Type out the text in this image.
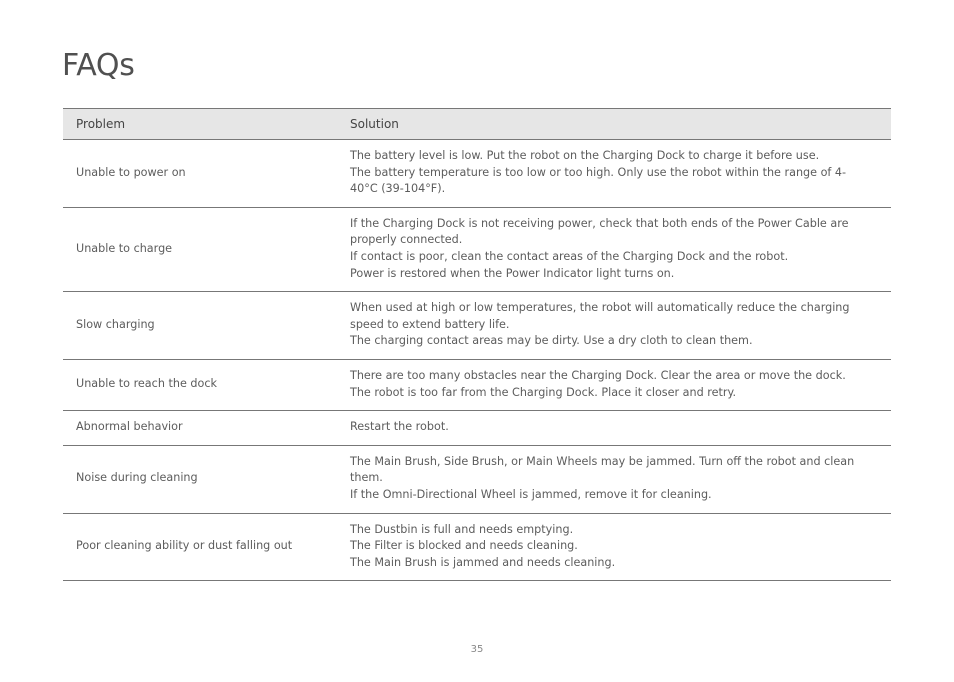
FAQs
Problem	Solution
Unable to power on	The battery level is low. Put the robot on the Charging Dock to charge it before use.
The battery temperature is too low or too high. Only use the robot within the range of 4-40°C (39-104°F).

Unable to charge	If the Charging Dock is not receiving power, check that both ends of the Power Cable are properly connected.
If contact is poor, clean the contact areas of the Charging Dock and the robot.
Power is restored when the Power Indicator light turns on.

Slow charging	When used at high or low temperatures, the robot will automatically reduce the charging speed to extend battery life.
The charging contact areas may be dirty. Use a dry cloth to clean them.

Unable to reach the dock	There are too many obstacles near the Charging Dock. Clear the area or move the dock.
The robot is too far from the Charging Dock. Place it closer and retry.

Abnormal behavior	Restart the robot.

Noise during cleaning	The Main Brush, Side Brush, or Main Wheels may be jammed. Turn off the robot and clean them.
If the Omni-Directional Wheel is jammed, remove it for cleaning.

Poor cleaning ability or dust falling out	The Dustbin is full and needs emptying.
The Filter is blocked and needs cleaning.
The Main Brush is jammed and needs cleaning.
35
